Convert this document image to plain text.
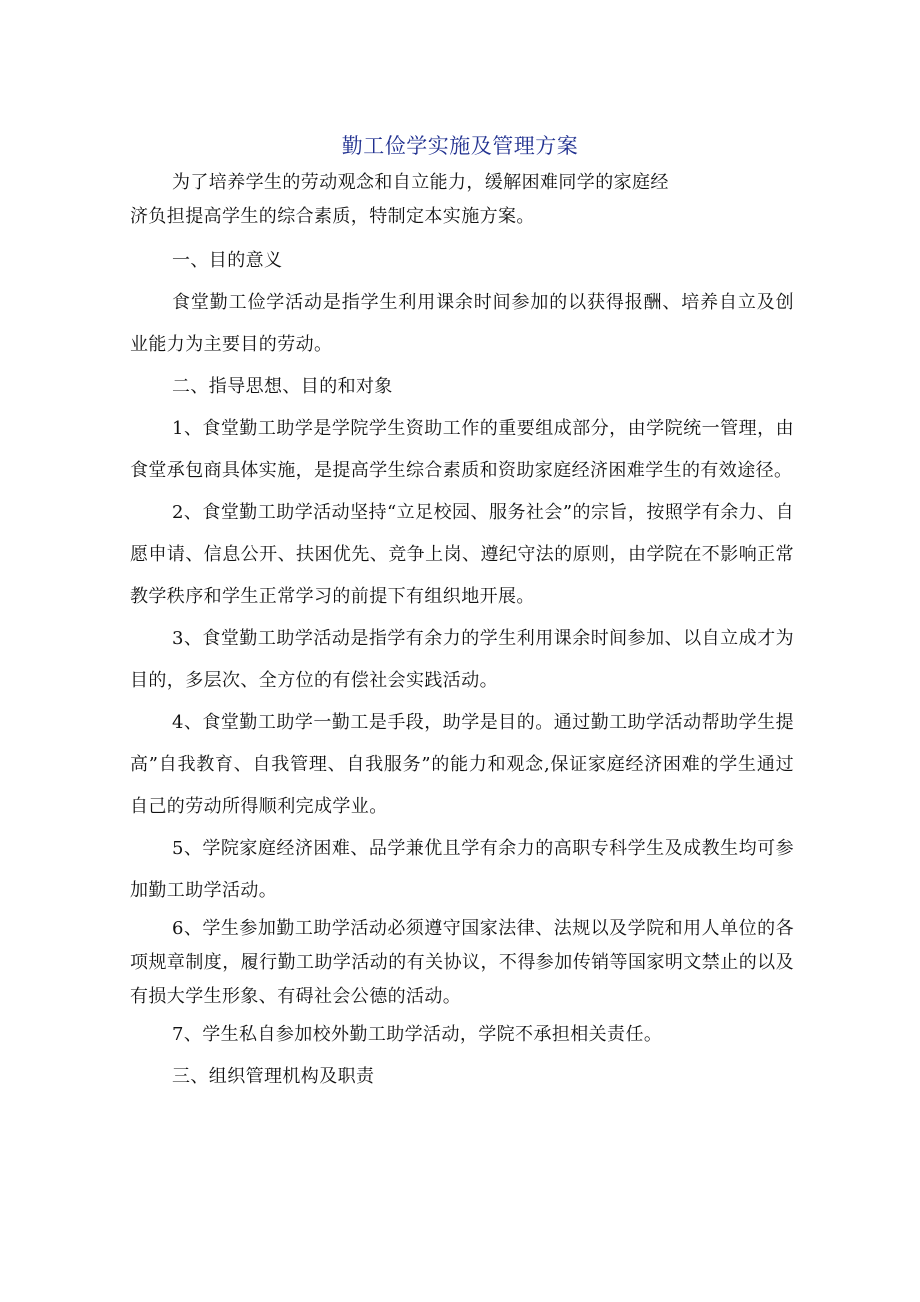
勤工俭学实施及管理方案

为了培养学生的劳动观念和自立能力，缓解困难同学的家庭经

济负担提高学生的综合素质，特制定本实施方案。

一、目的意义

食堂勤工俭学活动是指学生利用课余时间参加的以获得报酬、培养自立及创业能力为主要目的劳动。

二、指导思想、目的和对象

1、食堂勤工助学是学院学生资助工作的重要组成部分，由学院统一管理，由食堂承包商具体实施，是提高学生综合素质和资助家庭经济困难学生的有效途径。

2、食堂勤工助学活动坚持“立足校园、服务社会”的宗旨，按照学有余力、自愿申请、信息公开、扶困优先、竞争上岗、遵纪守法的原则，由学院在不影响正常教学秩序和学生正常学习的前提下有组织地开展。

3、食堂勤工助学活动是指学有余力的学生利用课余时间参加、以自立成才为目的，多层次、全方位的有偿社会实践活动。

4、食堂勤工助学一勤工是手段，助学是目的。通过勤工助学活动帮助学生提高”自我教育、自我管理、自我服务”的能力和观念,保证家庭经济困难的学生通过自己的劳动所得顺利完成学业。

5、学院家庭经济困难、品学兼优且学有余力的高职专科学生及成教生均可参加勤工助学活动。

6、学生参加勤工助学活动必须遵守国家法律、法规以及学院和用人单位的各项规章制度，履行勤工助学活动的有关协议，不得参加传销等国家明文禁止的以及有损大学生形象、有碍社会公德的活动。

7、学生私自参加校外勤工助学活动，学院不承担相关责任。

三、组织管理机构及职责
